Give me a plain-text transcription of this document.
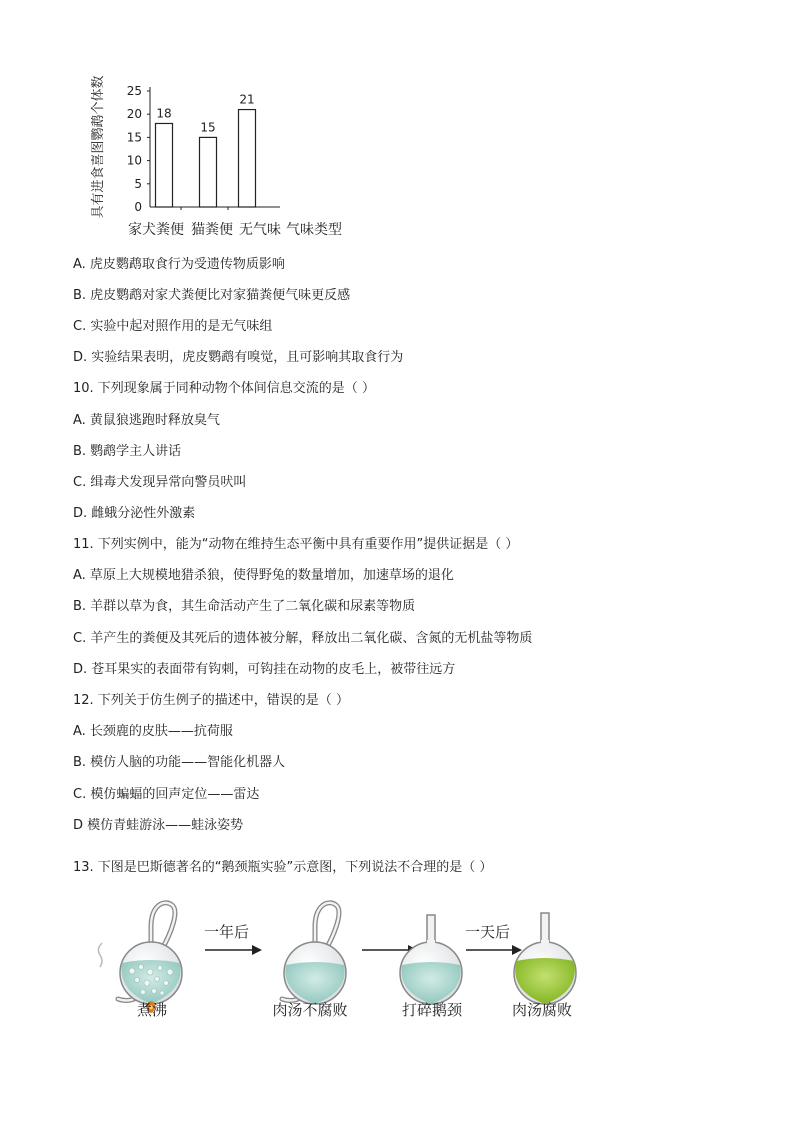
具有进食喜图鹦鹉个体数 25
20
15
10
5
0
18
15
21
家犬粪便 猫粪便 无气味 气味类型
A. 虎皮鹦鹉取食行为受遗传物质影响
B. 虎皮鹦鹉对家犬粪便比对家猫粪便气味更反感
C. 实验中起对照作用的是无气味组
D. 实验结果表明，虎皮鹦鹉有嗅觉，且可影响其取食行为
10. 下列现象属于同种动物个体间信息交流的是（ ）
A. 黄鼠狼逃跑时释放臭气
B. 鹦鹉学主人讲话
C. 缉毒犬发现异常向警员吠叫
D. 雌蛾分泌性外激素
11. 下列实例中，能为“动物在维持生态平衡中具有重要作用”提供证据是（ ）
A. 草原上大规模地猎杀狼，使得野兔的数量增加，加速草场的退化
B. 羊群以草为食，其生命活动产生了二氧化碳和尿素等物质
C. 羊产生的粪便及其死后的遗体被分解，释放出二氧化碳、含氮的无机盐等物质
D. 苍耳果实的表面带有钩刺，可钩挂在动物的皮毛上，被带往远方
12. 下列关于仿生例子的描述中，错误的是（ ）
A. 长颈鹿的皮肤——抗荷服
B. 模仿人脑的功能——智能化机器人
C. 模仿蝙蝠的回声定位——雷达
D 模仿青蛙游泳——蛙泳姿势
13. 下图是巴斯德著名的“鹅颈瓶实验”示意图，下列说法不合理的是（ ）
一年后	一天后
煮沸	肉汤不腐败	打碎鹅颈	肉汤腐败
